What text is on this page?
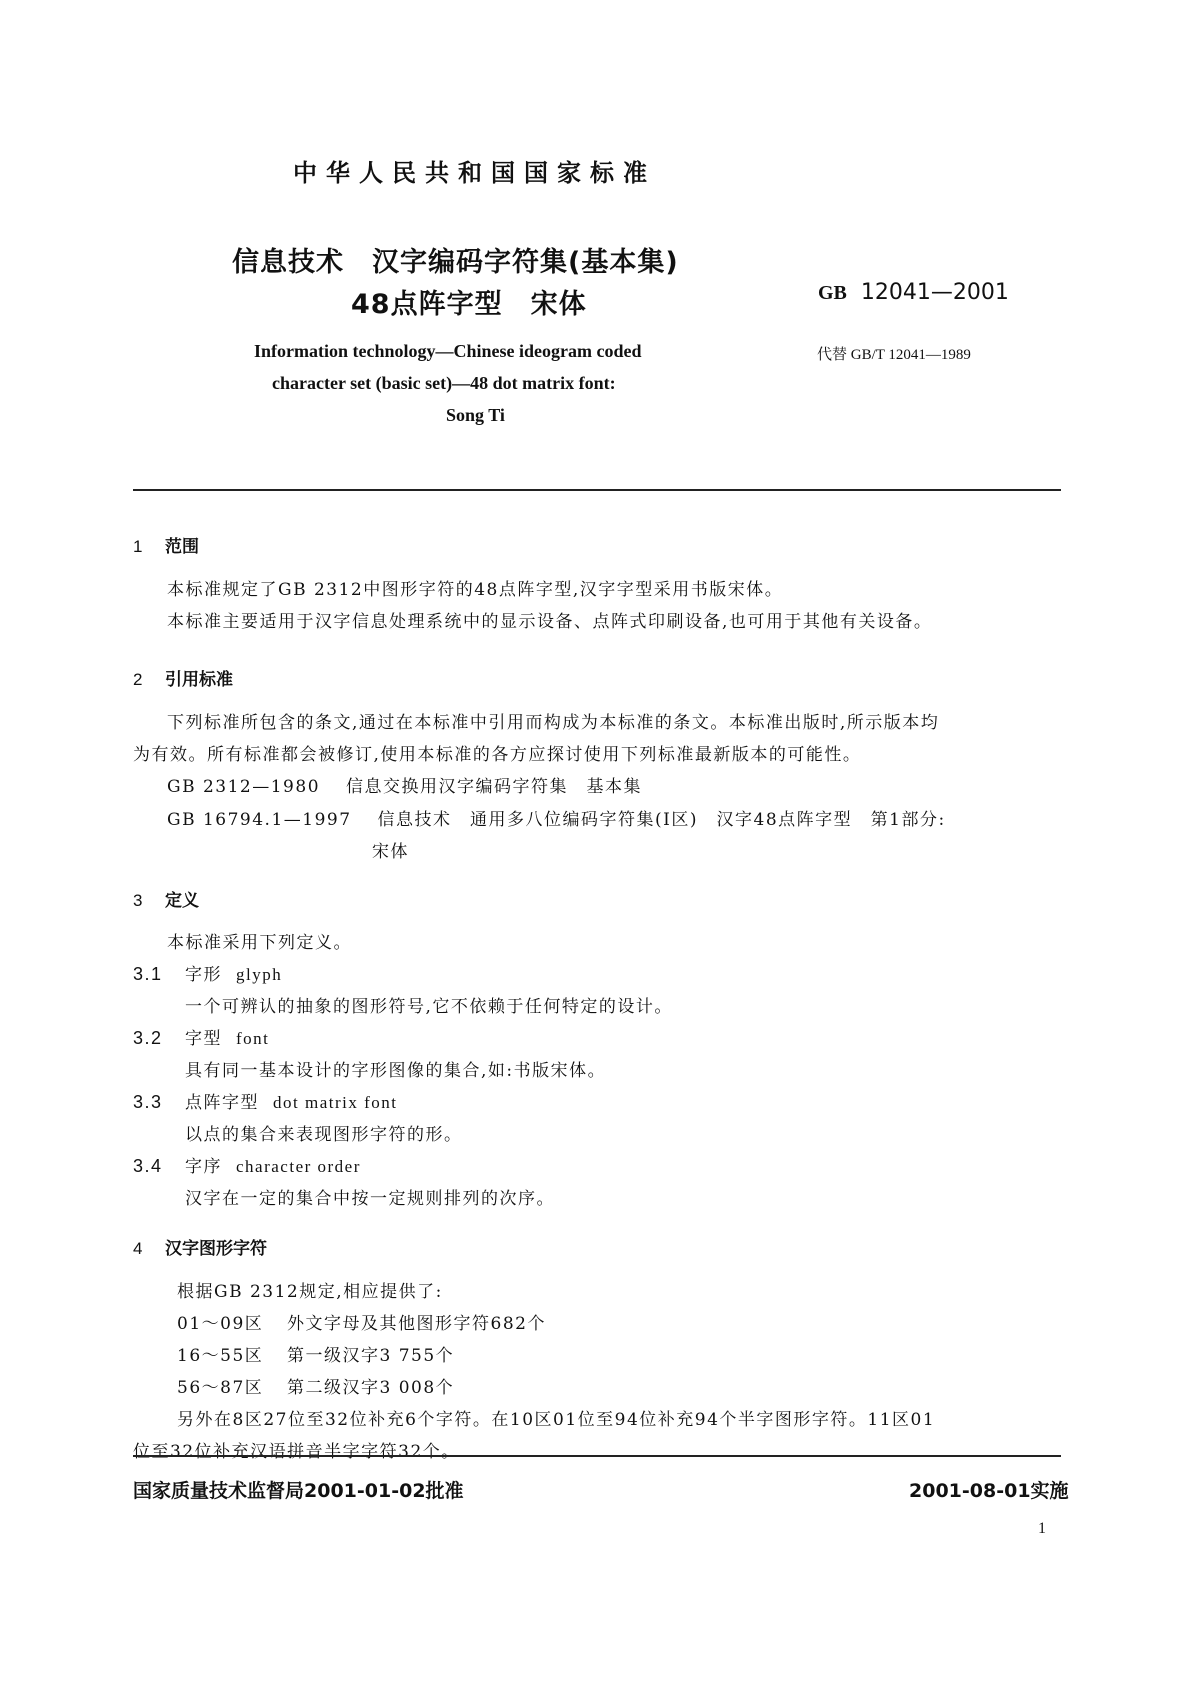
中华人民共和国国家标准
信息技术　汉字编码字符集(基本集)
48点阵字型　宋体	GB 12041—2001
代替 GB/T 12041—1989
Information technology—Chinese ideogram coded
character set (basic set)—48 dot matrix font:
Song Ti
1 范围
本标准规定了GB 2312中图形字符的48点阵字型,汉字字型采用书版宋体。
本标准主要适用于汉字信息处理系统中的显示设备、点阵式印刷设备,也可用于其他有关设备。
2 引用标准
下列标准所包含的条文,通过在本标准中引用而构成为本标准的条文。本标准出版时,所示版本均
为有效。所有标准都会被修订,使用本标准的各方应探讨使用下列标准最新版本的可能性。
GB 2312—1980 信息交换用汉字编码字符集　基本集
GB 16794.1—1997 信息技术　通用多八位编码字符集(Ⅰ区)　汉字48点阵字型　第1部分:
宋体
3 定义
本标准采用下列定义。
3.1 字形 glyph
一个可辨认的抽象的图形符号,它不依赖于任何特定的设计。
3.2 字型 font
具有同一基本设计的字形图像的集合,如:书版宋体。
3.3 点阵字型 dot matrix font
以点的集合来表现图形字符的形。
3.4 字序 character order
汉字在一定的集合中按一定规则排列的次序。
4 汉字图形字符
根据GB 2312规定,相应提供了:
01～09区 外文字母及其他图形字符682个
16～55区 第一级汉字3 755个
56～87区 第二级汉字3 008个
另外在8区27位至32位补充6个字符。在10区01位至94位补充94个半字图形字符。11区01
位至32位补充汉语拼音半字字符32个。
国家质量技术监督局2001-01-02批准	2001-08-01实施
1
